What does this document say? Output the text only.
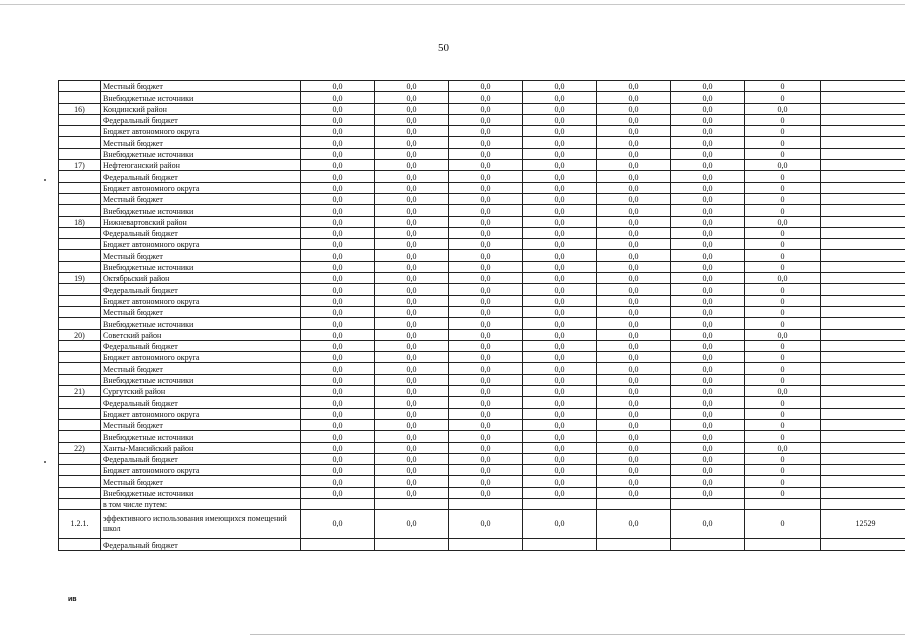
50
	Местный бюджет	0,0	0,0	0,0	0,0	0,0	0,0	0	
	Внебюджетные источники	0,0	0,0	0,0	0,0	0,0	0,0	0	
16)	Кондинский район	0,0	0,0	0,0	0,0	0,0	0,0	0,0	
	Федеральный бюджет	0,0	0,0	0,0	0,0	0,0	0,0	0	
	Бюджет автономного округа	0,0	0,0	0,0	0,0	0,0	0,0	0	
	Местный бюджет	0,0	0,0	0,0	0,0	0,0	0,0	0	
	Внебюджетные источники	0,0	0,0	0,0	0,0	0,0	0,0	0	
17)	Нефтеюганский район	0,0	0,0	0,0	0,0	0,0	0,0	0,0	
	Федеральный бюджет	0,0	0,0	0,0	0,0	0,0	0,0	0	
	Бюджет автономного округа	0,0	0,0	0,0	0,0	0,0	0,0	0	
	Местный бюджет	0,0	0,0	0,0	0,0	0,0	0,0	0	
	Внебюджетные источники	0,0	0,0	0,0	0,0	0,0	0,0	0	
18)	Нижневартовский район	0,0	0,0	0,0	0,0	0,0	0,0	0,0	
	Федеральный бюджет	0,0	0,0	0,0	0,0	0,0	0,0	0	
	Бюджет автономного округа	0,0	0,0	0,0	0,0	0,0	0,0	0	
	Местный бюджет	0,0	0,0	0,0	0,0	0,0	0,0	0	
	Внебюджетные источники	0,0	0,0	0,0	0,0	0,0	0,0	0	
19)	Октябрьский район	0,0	0,0	0,0	0,0	0,0	0,0	0,0	
	Федеральный бюджет	0,0	0,0	0,0	0,0	0,0	0,0	0	
	Бюджет автономного округа	0,0	0,0	0,0	0,0	0,0	0,0	0	
	Местный бюджет	0,0	0,0	0,0	0,0	0,0	0,0	0	
	Внебюджетные источники	0,0	0,0	0,0	0,0	0,0	0,0	0	
20)	Советский район	0,0	0,0	0,0	0,0	0,0	0,0	0,0	
	Федеральный бюджет	0,0	0,0	0,0	0,0	0,0	0,0	0	
	Бюджет автономного округа	0,0	0,0	0,0	0,0	0,0	0,0	0	
	Местный бюджет	0,0	0,0	0,0	0,0	0,0	0,0	0	
	Внебюджетные источники	0,0	0,0	0,0	0,0	0,0	0,0	0	
21)	Сургутский район	0,0	0,0	0,0	0,0	0,0	0,0	0,0	
	Федеральный бюджет	0,0	0,0	0,0	0,0	0,0	0,0	0	
	Бюджет автономного округа	0,0	0,0	0,0	0,0	0,0	0,0	0	
	Местный бюджет	0,0	0,0	0,0	0,0	0,0	0,0	0	
	Внебюджетные источники	0,0	0,0	0,0	0,0	0,0	0,0	0	
22)	Ханты-Мансийский район	0,0	0,0	0,0	0,0	0,0	0,0	0,0	
	Федеральный бюджет	0,0	0,0	0,0	0,0	0,0	0,0	0	
	Бюджет автономного округа	0,0	0,0	0,0	0,0	0,0	0,0	0	
	Местный бюджет	0,0	0,0	0,0	0,0	0,0	0,0	0	
	Внебюджетные источники	0,0	0,0	0,0	0,0	0,0	0,0	0	
	в том числе путем:								
1.2.1.	эффективного использования имеющихся помещений школ	0,0	0,0	0,0	0,0	0,0	0,0	0	12529
	Федеральный бюджет								
ив
